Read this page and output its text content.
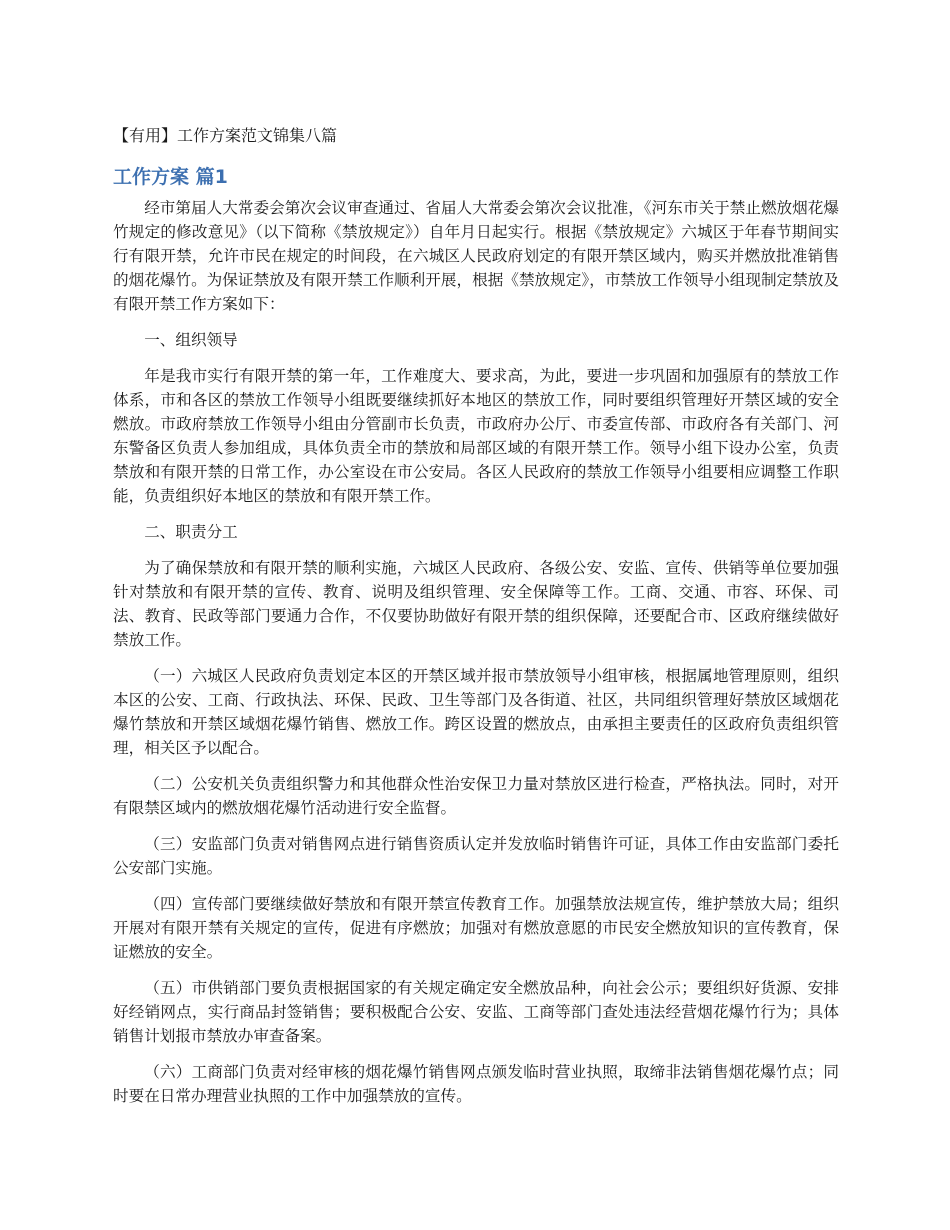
【有用】工作方案范文锦集八篇
工作方案 篇1

经市第届人大常委会第次会议审查通过、省届人大常委会第次会议批准，《河东市关于禁止燃放烟花爆竹规定的修改意见》（以下简称《禁放规定》）自年月日起实行。根据《禁放规定》六城区于年春节期间实行有限开禁，允许市民在规定的时间段，在六城区人民政府划定的有限开禁区域内，购买并燃放批准销售的烟花爆竹。为保证禁放及有限开禁工作顺利开展，根据《禁放规定》，市禁放工作领导小组现制定禁放及有限开禁工作方案如下：

一、组织领导

年是我市实行有限开禁的第一年，工作难度大、要求高，为此，要进一步巩固和加强原有的禁放工作体系，市和各区的禁放工作领导小组既要继续抓好本地区的禁放工作，同时要组织管理好开禁区域的安全燃放。市政府禁放工作领导小组由分管副市长负责，市政府办公厅、市委宣传部、市政府各有关部门、河东警备区负责人参加组成，具体负责全市的禁放和局部区域的有限开禁工作。领导小组下设办公室，负责禁放和有限开禁的日常工作，办公室设在市公安局。各区人民政府的禁放工作领导小组要相应调整工作职能，负责组织好本地区的禁放和有限开禁工作。

二、职责分工

为了确保禁放和有限开禁的顺利实施，六城区人民政府、各级公安、安监、宣传、供销等单位要加强针对禁放和有限开禁的宣传、教育、说明及组织管理、安全保障等工作。工商、交通、市容、环保、司法、教育、民政等部门要通力合作，不仅要协助做好有限开禁的组织保障，还要配合市、区政府继续做好禁放工作。

（一）六城区人民政府负责划定本区的开禁区域并报市禁放领导小组审核，根据属地管理原则，组织本区的公安、工商、行政执法、环保、民政、卫生等部门及各街道、社区，共同组织管理好禁放区域烟花爆竹禁放和开禁区域烟花爆竹销售、燃放工作。跨区设置的燃放点，由承担主要责任的区政府负责组织管理，相关区予以配合。

（二）公安机关负责组织警力和其他群众性治安保卫力量对禁放区进行检查，严格执法。同时，对开有限禁区域内的燃放烟花爆竹活动进行安全监督。

（三）安监部门负责对销售网点进行销售资质认定并发放临时销售许可证，具体工作由安监部门委托公安部门实施。

（四）宣传部门要继续做好禁放和有限开禁宣传教育工作。加强禁放法规宣传，维护禁放大局；组织开展对有限开禁有关规定的宣传，促进有序燃放；加强对有燃放意愿的市民安全燃放知识的宣传教育，保证燃放的安全。

（五）市供销部门要负责根据国家的有关规定确定安全燃放品种，向社会公示；要组织好货源、安排好经销网点，实行商品封签销售；要积极配合公安、安监、工商等部门查处违法经营烟花爆竹行为；具体销售计划报市禁放办审查备案。

（六）工商部门负责对经审核的烟花爆竹销售网点颁发临时营业执照，取缔非法销售烟花爆竹点；同时要在日常办理营业执照的工作中加强禁放的宣传。
